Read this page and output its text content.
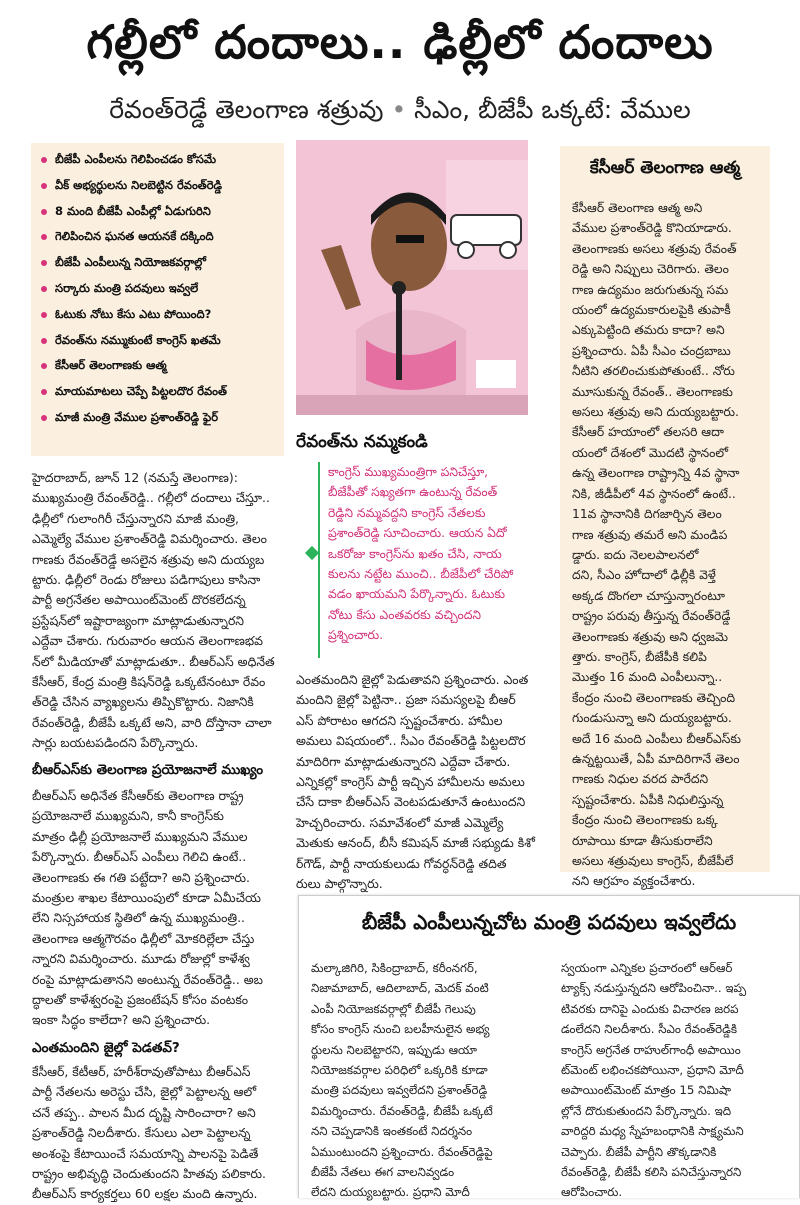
గల్లీలో దందాలు.. ఢిల్లీలో దందాలు
రేవంత్‌రెడ్డే తెలంగాణ శత్రువు • సీఎం, బీజేపీ ఒక్కటే: వేముల
బీజేపీ ఎంపీలను గెలిపించడం కోసమే
వీక్ అభ్యర్థులను నిలబెట్టిన రేవంత్‌రెడ్డి
8 మంది బీజేపీ ఎంపీల్లో ఏడుగురిని
గెలిపించిన ఘనత ఆయనకే దక్కింది
బీజేపీ ఎంపీలున్న నియోజకవర్గాల్లో
సర్కారు మంత్రి పదవులు ఇవ్వలే
ఓటుకు నోటు కేసు ఎటు పోయింది?
రేవంత్‌ను నమ్ముకుంటే కాంగ్రెస్ ఖతమే
కేసీఆర్ తెలంగాణకు ఆత్మ
మాయమాటలు చెప్పే పిట్టలదొర రేవంత్
మాజీ మంత్రి వేముల ప్రశాంత్‌రెడ్డి ఫైర్
రేవంత్‌ను నమ్మకండి
కాంగ్రెస్ ముఖ్యమంత్రిగా పనిచేస్తూ,
బీజేపీతో సఖ్యతగా ఉంటున్న రేవంత్‌
రెడ్డిని నమ్మవద్దని కాంగ్రెస్ నేతలకు
ప్రశాంత్‌రెడ్డి సూచించారు. ఆయన ఏదో
ఒకరోజు కాంగ్రెస్‌ను ఖతం చేసి, నాయ
కులను నట్టేట ముంచి.. బీజేపీలో చేరిపో
వడం ఖాయమని పేర్కొన్నారు. ఓటుకు
నోటు కేసు ఎంతవరకు వచ్చిందని
ప్రశ్నించారు.
హైదరాబాద్, జూన్ 12 (నమస్తే తెలంగాణ):
ముఖ్యమంత్రి రేవంత్‌రెడ్డి.. గల్లీలో దందాలు చేస్తూ..
ఢిల్లీలో గులాంగిరీ చేస్తున్నారని మాజీ మంత్రి,
ఎమ్మెల్యే వేముల ప్రశాంత్‌రెడ్డి విమర్శించారు. తెలం
గాణకు రేవంత్‌రెడ్డే అసలైన శత్రువు అని దుయ్యబ
ట్టారు. ఢిల్లీలో రెండు రోజులు పడిగాపులు కాసినా
పార్టీ అగ్రనేతల అపాయింట్‌మెంట్ దొరకలేదన్న
ప్రస్టేషన్‌లో ఇష్టారాజ్యంగా మాట్లాడుతున్నారని
ఎద్దేవా చేశారు. గురువారం ఆయన తెలంగాణభవ
న్‌లో మీడియాతో మాట్లాడుతూ.. బీఆర్‌ఎస్ అధినేత
కేసీఆర్, కేంద్ర మంత్రి కిషన్‌రెడ్డి ఒక్కటేనంటూ రేవం
త్‌రెడ్డి చేసిన వ్యాఖ్యలను తిప్పికొట్టారు. నిజానికి
రేవంత్‌రెడ్డి, బీజేపీ ఒక్కటే అని, వారి దోస్తానా చాలా
సార్లు బయటపడిందని పేర్కొన్నారు.
బీఆర్‌ఎస్‌కు తెలంగాణ ప్రయోజనాలే ముఖ్యం
బీఆర్‌ఎస్ అధినేత కేసీఆర్‌కు తెలంగాణ రాష్ట్ర
ప్రయోజనాలే ముఖ్యమని, కానీ కాంగ్రెస్‌కు
మాత్రం ఢిల్లీ ప్రయోజనాలే ముఖ్యమని వేముల
పేర్కొన్నారు. బీఆర్‌ఎస్ ఎంపీలు గెలిచి ఉంటే..
తెలంగాణకు ఈ గతి పట్టేదా? అని ప్రశ్నించారు.
మంత్రుల శాఖల కేటాయింపులో కూడా ఏమీచేయ
లేని నిస్సహాయక స్థితిలో ఉన్న ముఖ్యమంత్రి..
తెలంగాణ ఆత్మగౌరవం ఢిల్లీలో మోకరిల్లేలా చేస్తు
న్నారని విమర్శించారు. మూడు రోజుల్లో కాళేశ్వ
రంపై మాట్లాడుతానని అంటున్న రేవంత్‌రెడ్డి.. అబ
ద్ధాలతో కాళేశ్వరంపై ప్రజంటేషన్ కోసం వంటకం
ఇంకా సిద్ధం కాలేదా? అని ప్రశ్నించారు.
ఎంతమందిని జైల్లో పెడతవ్?
కేసీఆర్, కేటీఆర్, హరీశ్‌రావుతోపాటు బీఆర్‌ఎస్
పార్టీ నేతలను అరెస్టు చేసి, జైల్లో పెట్టాలన్న ఆలో
చనే తప్ప.. పాలన మీద దృష్టి సారించారా? అని
ప్రశాంత్‌రెడ్డి నిలదీశారు. కేసులు ఎలా పెట్టాలన్న
అంశంపై కేటాయించే సమయాన్ని పాలనపై పెడితే
రాష్ట్రం అభివృద్ధి చెందుతుందని హితవు పలికారు.
బీఆర్‌ఎస్ కార్యకర్తలు 60 లక్షల మంది ఉన్నారు.
ఎంతమందిని జైల్లో పెడుతావని ప్రశ్నించారు. ఎంత
మందిని జైల్లో పెట్టినా.. ప్రజా సమస్యలపై బీఆర్
ఎస్ పోరాటం ఆగదని స్పష్టంచేశారు. హామీల
అమలు విషయంలో.. సీఎం రేవంత్‌రెడ్డి పిట్టలదొర
మాదిరిగా మాట్లాడుతున్నారని ఎద్దేవా చేశారు.
ఎన్నికల్లో కాంగ్రెస్ పార్టీ ఇచ్చిన హామీలను అమలు
చేసే దాకా బీఆర్‌ఎస్ వెంటపడుతూనే ఉంటుందని
హెచ్చరించారు. సమావేశంలో మాజీ ఎమ్మెల్యే
మెతుకు ఆనంద్, బీసీ కమిషన్ మాజీ సభ్యుడు కిశో
ర్‌గౌడ్, పార్టీ నాయకులుడు గోవర్ధన్‌రెడ్డి తదిత
రులు పాల్గొన్నారు.
కేసీఆర్ తెలంగాణ ఆత్మ
కేసీఆర్ తెలంగాణ ఆత్మ అని
వేముల ప్రశాంత్‌రెడ్డి కొనియాడారు.
తెలంగాణకు అసలు శత్రువు రేవంత్
రెడ్డి అని నిప్పులు చెరిగారు. తెలం
గాణ ఉద్యమం జరుగుతున్న సమ
యంలో ఉద్యమకారులపైకి తుపాకీ
ఎక్కుపెట్టింది తమరు కాదా? అని
ప్రశ్నించారు. ఏపీ సీఎం చంద్రబాబు
నీటిని తరలించుకుపోతుంటే.. నోరు
మూసుకున్న రేవంత్.. తెలంగాణకు
అసలు శత్రువు అని దుయ్యబట్టారు.
కేసీఆర్ హయాంలో తలసరి ఆదా
యంలో దేశంలో మొదటి స్థానంలో
ఉన్న తెలంగాణ రాష్ట్రాన్ని 4వ స్థానా
నికి, జీడీపీలో 4వ స్థానంలో ఉంటే..
11వ స్థానానికి దిగజార్చిన తెలం
గాణ శత్రువు తమరే అని మండిప
డ్డారు. ఐదు నెలలపాలనలో
దని, సీఎం హోదాలో ఢిల్లీకి వెళ్తే
అక్కడ దొంగలా చూస్తున్నారంటూ
రాష్ట్రం పరువు తీస్తున్న రేవంత్‌రెడ్డే
తెలంగాణకు శత్రువు అని ధ్వజమె
త్తారు. కాంగ్రెస్, బీజేపీకి కలిపి
మొత్తం 16 మంది ఎంపీలున్నా..
కేంద్రం నుంచి తెలంగాణకు తెచ్చింది
గుండుసున్నా అని దుయ్యబట్టారు.
అదే 16 మంది ఎంపీలు బీఆర్‌ఎస్‌కు
ఉన్నట్టయితే, ఏపీ మాదిరిగానే తెలం
గాణకు నిధుల వరద పారేదని
స్పష్టంచేశారు. ఏపీకి నిధులిస్తున్న
కేంద్రం నుంచి తెలంగాణకు ఒక్క
రూపాయి కూడా తీసుకురాలేని
అసలు శత్రువులు కాంగ్రెస్, బీజేపీలే
నని ఆగ్రహం వ్యక్తంచేశారు.
బీజేపీ ఎంపీలున్నచోట మంత్రి పదవులు ఇవ్వలేదు
మల్కాజిగిరి, సికింద్రాబాద్, కరీంనగర్,
నిజామాబాద్, ఆదిలాబాద్, మెదక్ వంటి
ఎంపీ నియోజకవర్గాల్లో బీజేపీ గెలుపు
కోసం కాంగ్రెస్ నుంచి బలహీనులైన అభ్య
ర్థులను నిలబెట్టారని, ఇప్పుడు ఆయా
నియోజకవర్గాల పరిధిలో ఒక్కరికి కూడా
మంత్రి పదవులు ఇవ్వలేదని ప్రశాంత్‌రెడ్డి
విమర్శించారు. రేవంత్‌రెడ్డి, బీజేపీ ఒక్కటే
నని చెప్పడానికి ఇంతకంటే నిదర్శనం
ఏముంటుందని ప్రశ్నించారు. రేవంత్‌రెడ్డిపై
బీజేపీ నేతలు ఈగ వాలనివ్వడం
లేదని దుయ్యబట్టారు. ప్రధాని మోదీ
స్వయంగా ఎన్నికల ప్రచారంలో ఆర్‌ఆర్
ట్యాక్స్ నడుస్తున్నదని ఆరోపించినా.. ఇప్ప
టివరకు దానిపై ఎందుకు విచారణ జరప
డంలేదని నిలదీశారు. సీఎం రేవంత్‌రెడ్డికి
కాంగ్రెస్ అగ్రనేత రాహుల్‌గాంధీ అపాయిం
ట్‌మెంట్ లభించకపోయినా, ప్రధాని మోదీ
అపాయింట్‌మెంట్ మాత్రం 15 నిమిషా
ల్లోనే దొరుకుతుందని పేర్కొన్నారు. ఇది
వారిద్దరి మధ్య స్నేహబంధానికి సాక్ష్యమని
చెప్పారు. బీజేపీ పార్టీని తొక్కడానికి
రేవంత్‌రెడ్డి, బీజేపీ కలిసి పనిచేస్తున్నారని
ఆరోపించారు.
